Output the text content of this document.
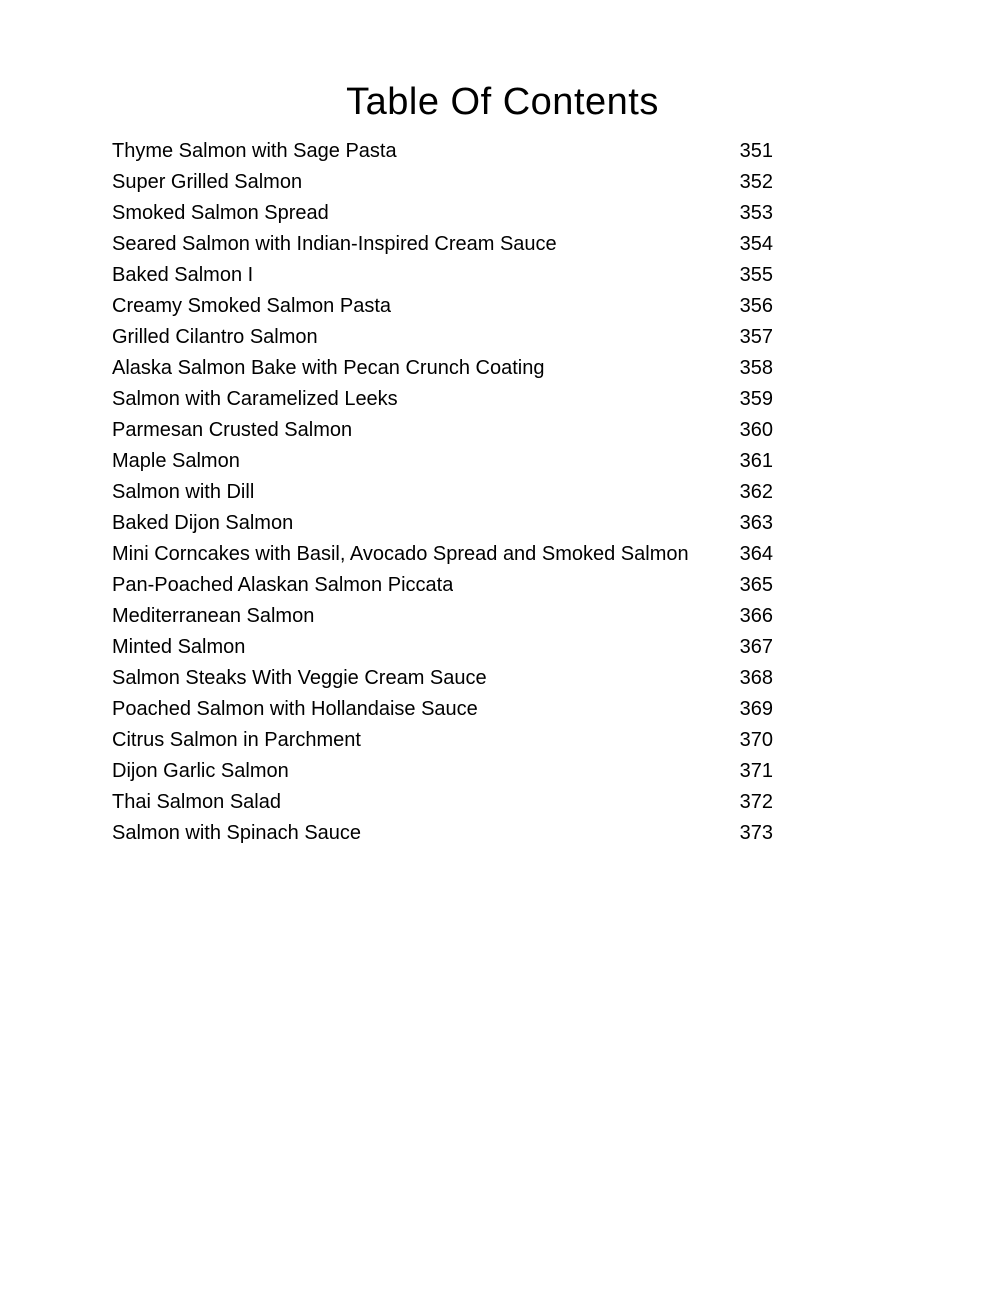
Table Of Contents
Thyme Salmon with Sage Pasta	351
Super Grilled Salmon	352
Smoked Salmon Spread	353
Seared Salmon with Indian-Inspired Cream Sauce	354
Baked Salmon I	355
Creamy Smoked Salmon Pasta	356
Grilled Cilantro Salmon	357
Alaska Salmon Bake with Pecan Crunch Coating	358
Salmon with Caramelized Leeks	359
Parmesan Crusted Salmon	360
Maple Salmon	361
Salmon with Dill	362
Baked Dijon Salmon	363
Mini Corncakes with Basil, Avocado Spread and Smoked Salmon	364
Pan-Poached Alaskan Salmon Piccata	365
Mediterranean Salmon	366
Minted Salmon	367
Salmon Steaks With Veggie Cream Sauce	368
Poached Salmon with Hollandaise Sauce	369
Citrus Salmon in Parchment	370
Dijon Garlic Salmon	371
Thai Salmon Salad	372
Salmon with Spinach Sauce	373
